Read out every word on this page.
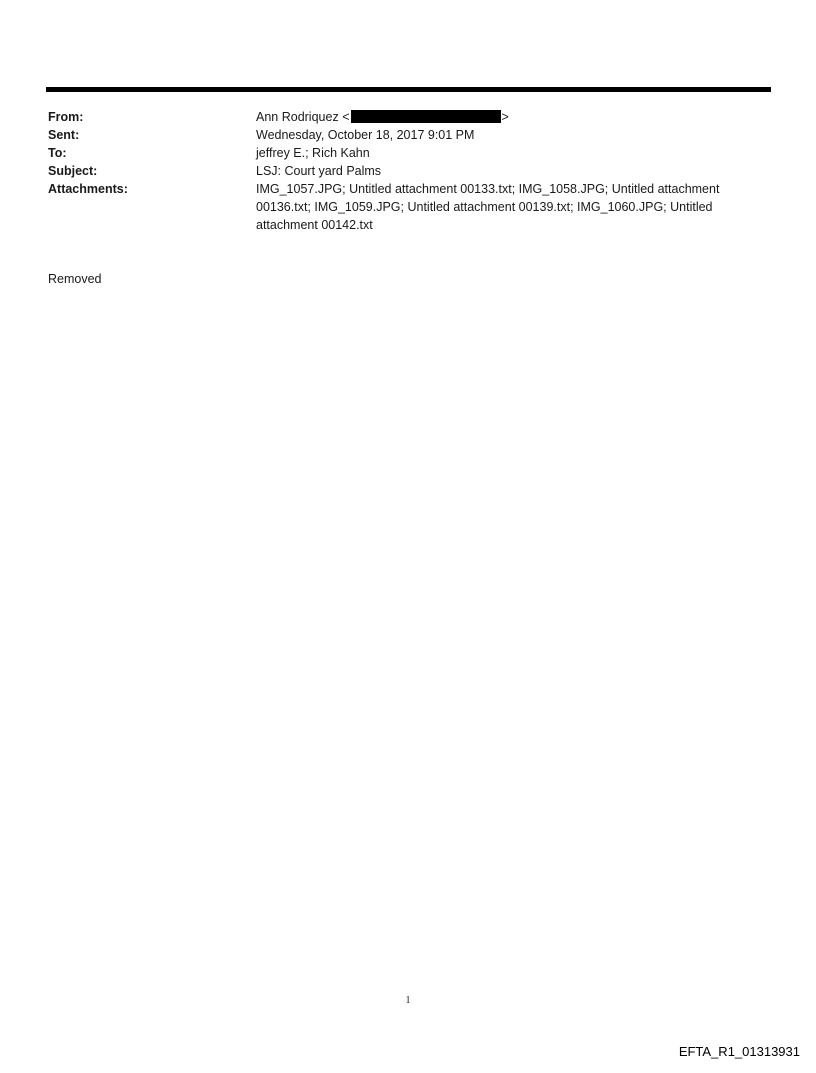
From:	Ann Rodriquez <	>
Sent:	Wednesday, October 18, 2017 9:01 PM
To:	jeffrey E.; Rich Kahn
Subject:	LSJ: Court yard Palms
Attachments:	IMG_1057.JPG; Untitled attachment 00133.txt; IMG_1058.JPG; Untitled attachment 00136.txt; IMG_1059.JPG; Untitled attachment 00139.txt; IMG_1060.JPG; Untitled attachment 00142.txt
Removed
1
EFTA_R1_01313931
